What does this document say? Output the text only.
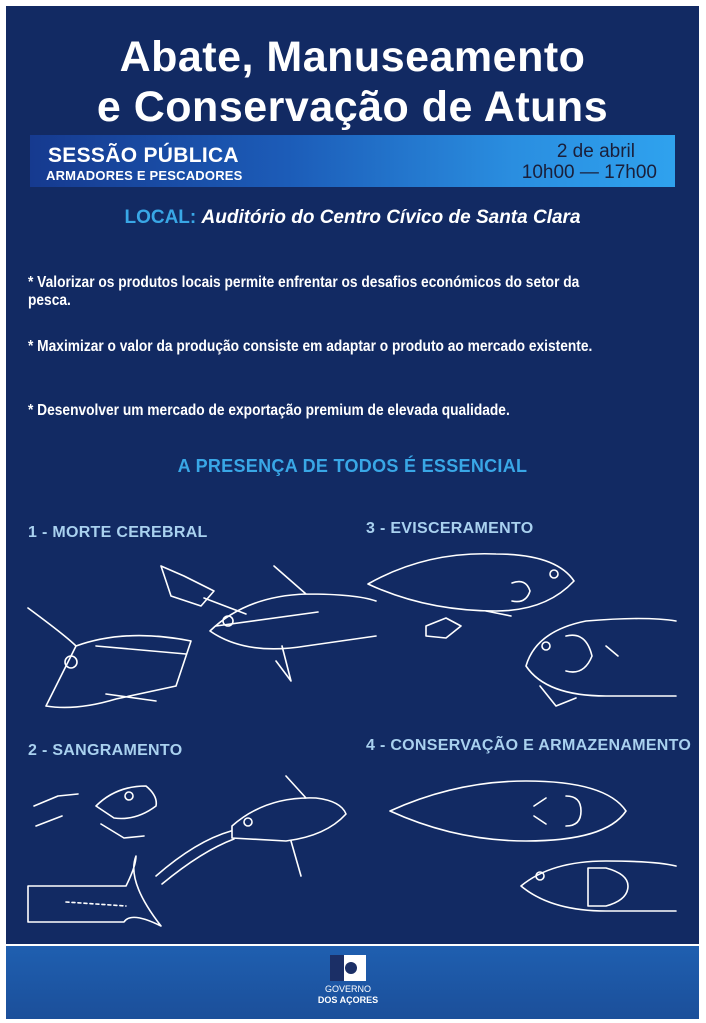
Abate, Manuseamento
e Conservação de Atuns
SESSÃO PÚBLICA
ARMADORES E PESCADORES
2 de abril
10h00 — 17h00
LOCAL: Auditório do Centro Cívico de Santa Clara
* Valorizar os produtos locais permite enfrentar os desafios económicos do setor da pesca.
* Maximizar o valor da produção consiste em adaptar o produto ao mercado existente.
* Desenvolver um mercado de exportação premium de elevada qualidade.
A PRESENÇA DE TODOS É ESSENCIAL
1 - MORTE CEREBRAL
2 - SANGRAMENTO
3 - EVISCERAMENTO
4 - CONSERVAÇÃO E ARMAZENAMENTO
GOVERNO
DOS AÇORES
